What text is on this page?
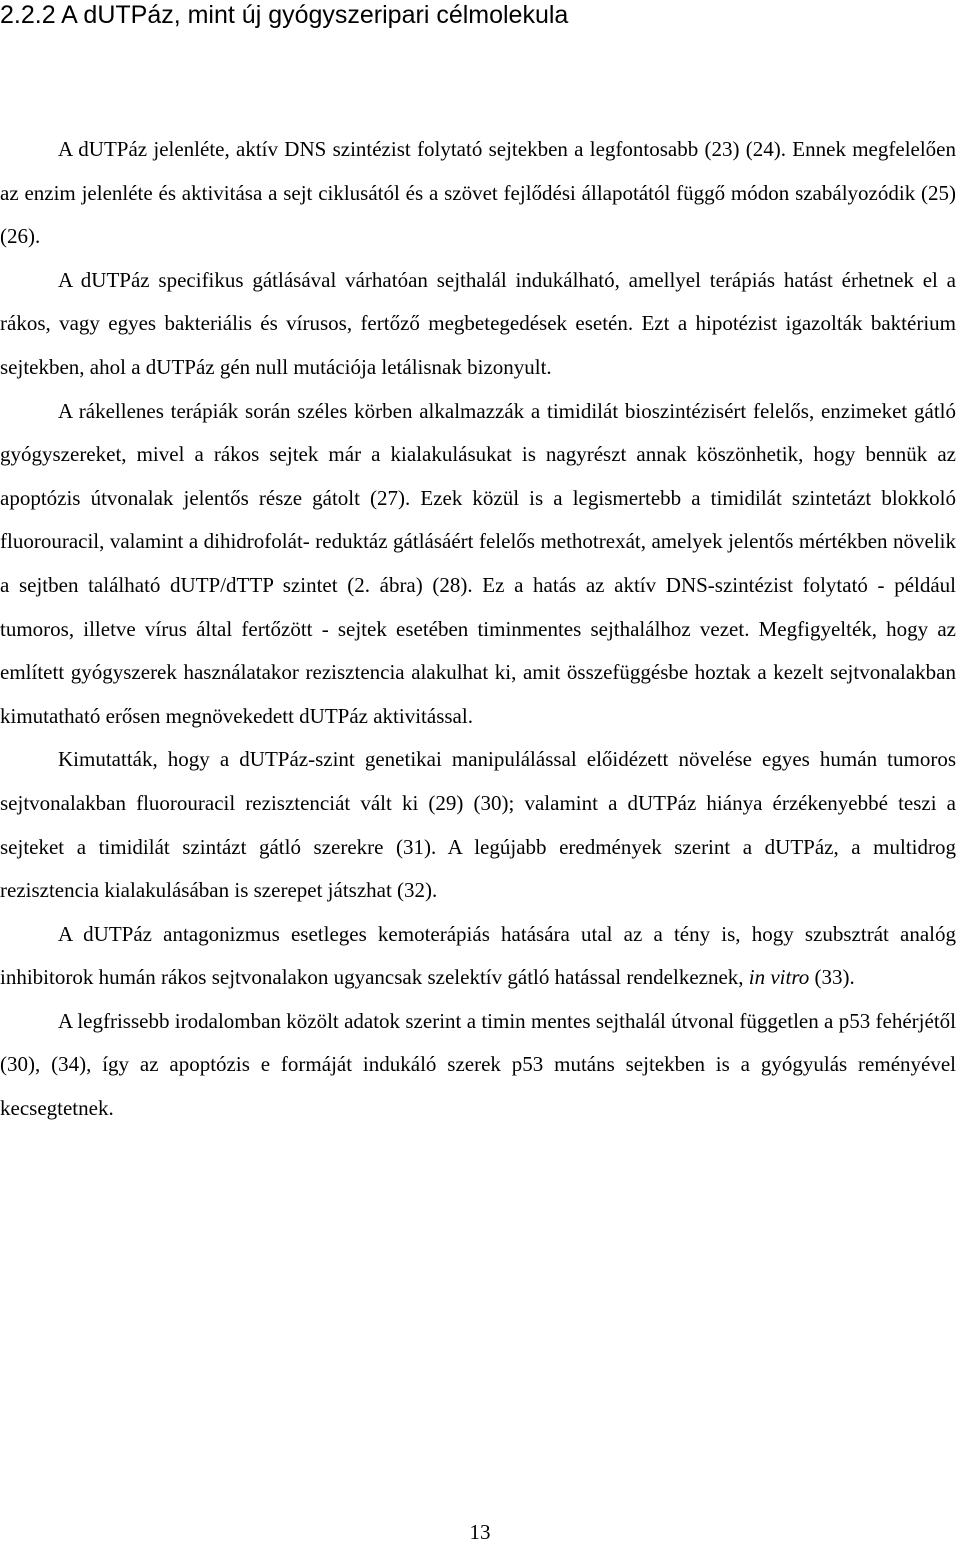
2.2.2 A dUTPáz, mint új gyógyszeripari célmolekula

A dUTPáz jelenléte, aktív DNS szintézist folytató sejtekben a legfontosabb (23) (24). Ennek megfelelően az enzim jelenléte és aktivitása a sejt ciklusától és a szövet fejlődési állapotától függő módon szabályozódik (25) (26).

A dUTPáz specifikus gátlásával várhatóan sejthalál indukálható, amellyel terápiás hatást érhetnek el a rákos, vagy egyes bakteriális és vírusos, fertőző megbetegedések esetén. Ezt a hipotézist igazolták baktérium sejtekben, ahol a dUTPáz gén null mutációja letálisnak bizonyult.

A rákellenes terápiák során széles körben alkalmazzák a timidilát bioszintézisért felelős, enzimeket gátló gyógyszereket, mivel a rákos sejtek már a kialakulásukat is nagyrészt annak köszönhetik, hogy bennük az apoptózis útvonalak jelentős része gátolt (27). Ezek közül is a legismertebb a timidilát szintetázt blokkoló fluorouracil, valamint a dihidrofolát- reduktáz gátlásáért felelős methotrexát, amelyek jelentős mértékben növelik a sejtben található dUTP/dTTP szintet (2. ábra) (28). Ez a hatás az aktív DNS-szintézist folytató - például tumoros, illetve vírus által fertőzött - sejtek esetében timinmentes sejthalálhoz vezet. Megfigyelték, hogy az említett gyógyszerek használatakor rezisztencia alakulhat ki, amit összefüggésbe hoztak a kezelt sejtvonalakban kimutatható erősen megnövekedett dUTPáz aktivitással.

Kimutatták, hogy a dUTPáz-szint genetikai manipulálással előidézett növelése egyes humán tumoros sejtvonalakban fluorouracil rezisztenciát vált ki (29) (30); valamint a dUTPáz hiánya érzékenyebbé teszi a sejteket a timidilát szintázt gátló szerekre (31). A legújabb eredmények szerint a dUTPáz, a multidrog rezisztencia kialakulásában is szerepet játszhat (32).

A dUTPáz antagonizmus esetleges kemoterápiás hatására utal az a tény is, hogy szubsztrát analóg inhibitorok humán rákos sejtvonalakon ugyancsak szelektív gátló hatással rendelkeznek, in vitro (33).

A legfrissebb irodalomban közölt adatok szerint a timin mentes sejthalál útvonal független a p53 fehérjétől (30), (34), így az apoptózis e formáját indukáló szerek p53 mutáns sejtekben is a gyógyulás reményével kecsegtetnek.

13
